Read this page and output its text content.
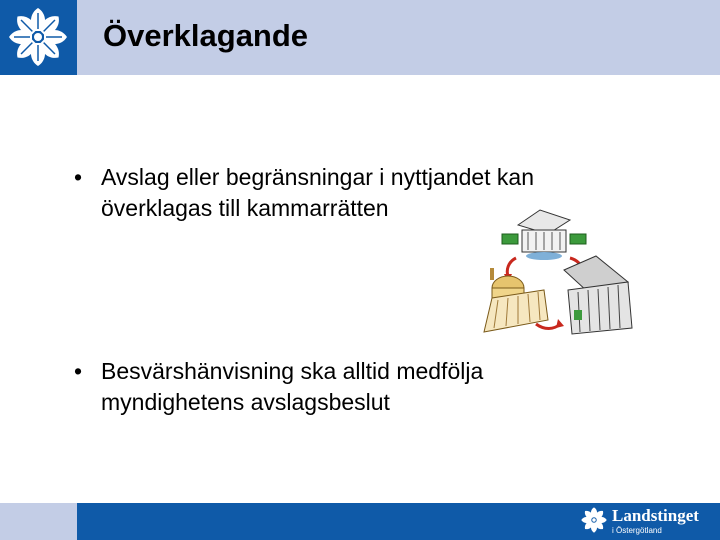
Överklagande
• Avslag eller begränsningar i nyttjandet kan överklagas till kammarrätten
• Besvärshänvisning ska alltid medfölja myndighetens avslagsbeslut
Landstinget
i Östergötland
